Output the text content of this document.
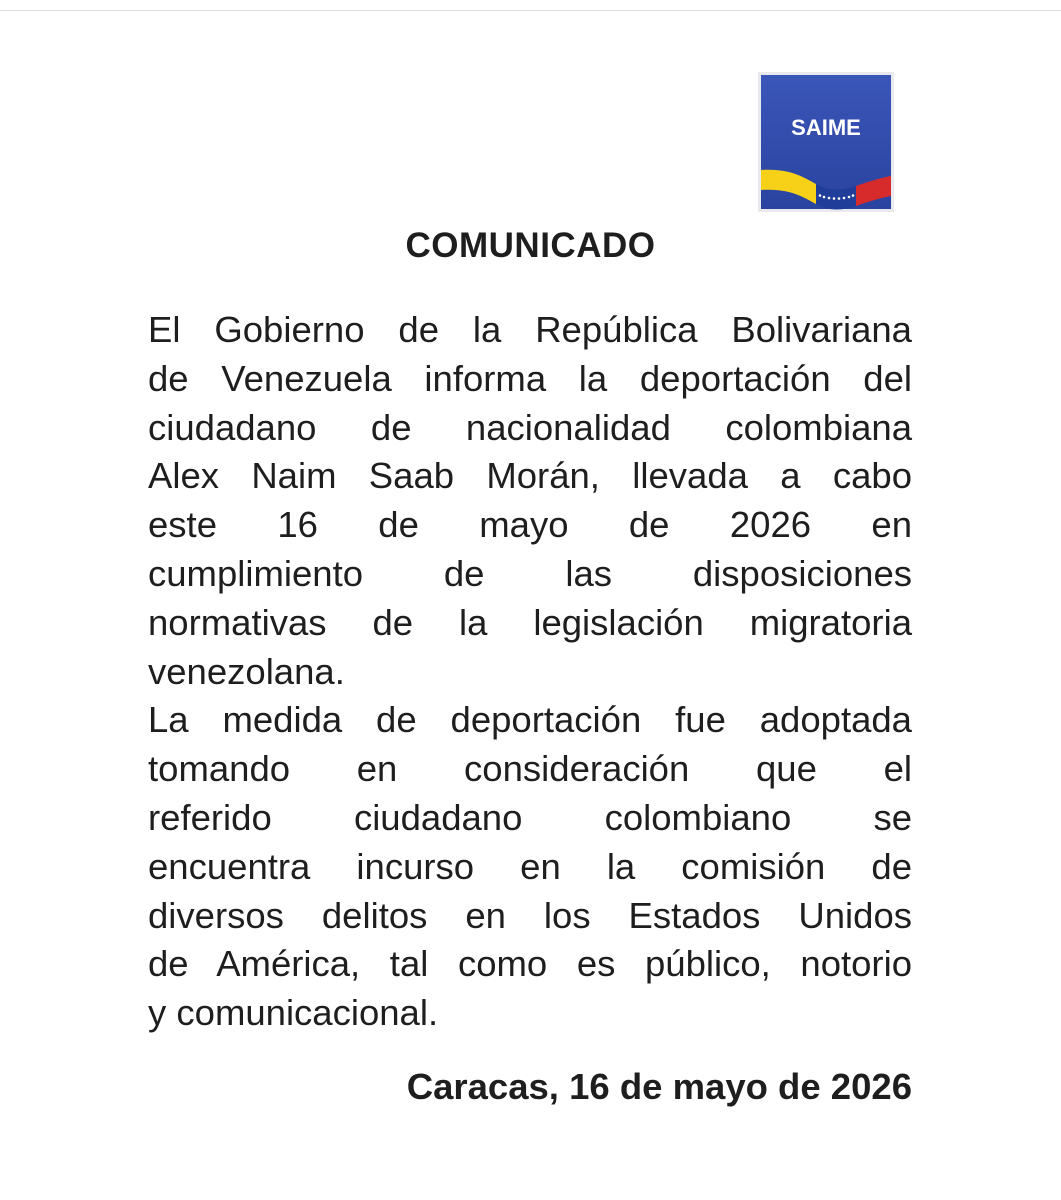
SAIME
COMUNICADO
El Gobierno de la República Bolivariana
de Venezuela informa la deportación del
ciudadano de nacionalidad colombiana
Alex Naim Saab Morán, llevada a cabo
este 16 de mayo de 2026 en
cumplimiento de las disposiciones
normativas de la legislación migratoria
venezolana.
La medida de deportación fue adoptada
tomando en consideración que el
referido ciudadano colombiano se
encuentra incurso en la comisión de
diversos delitos en los Estados Unidos
de América, tal como es público, notorio
y comunicacional.

Caracas, 16 de mayo de 2026
